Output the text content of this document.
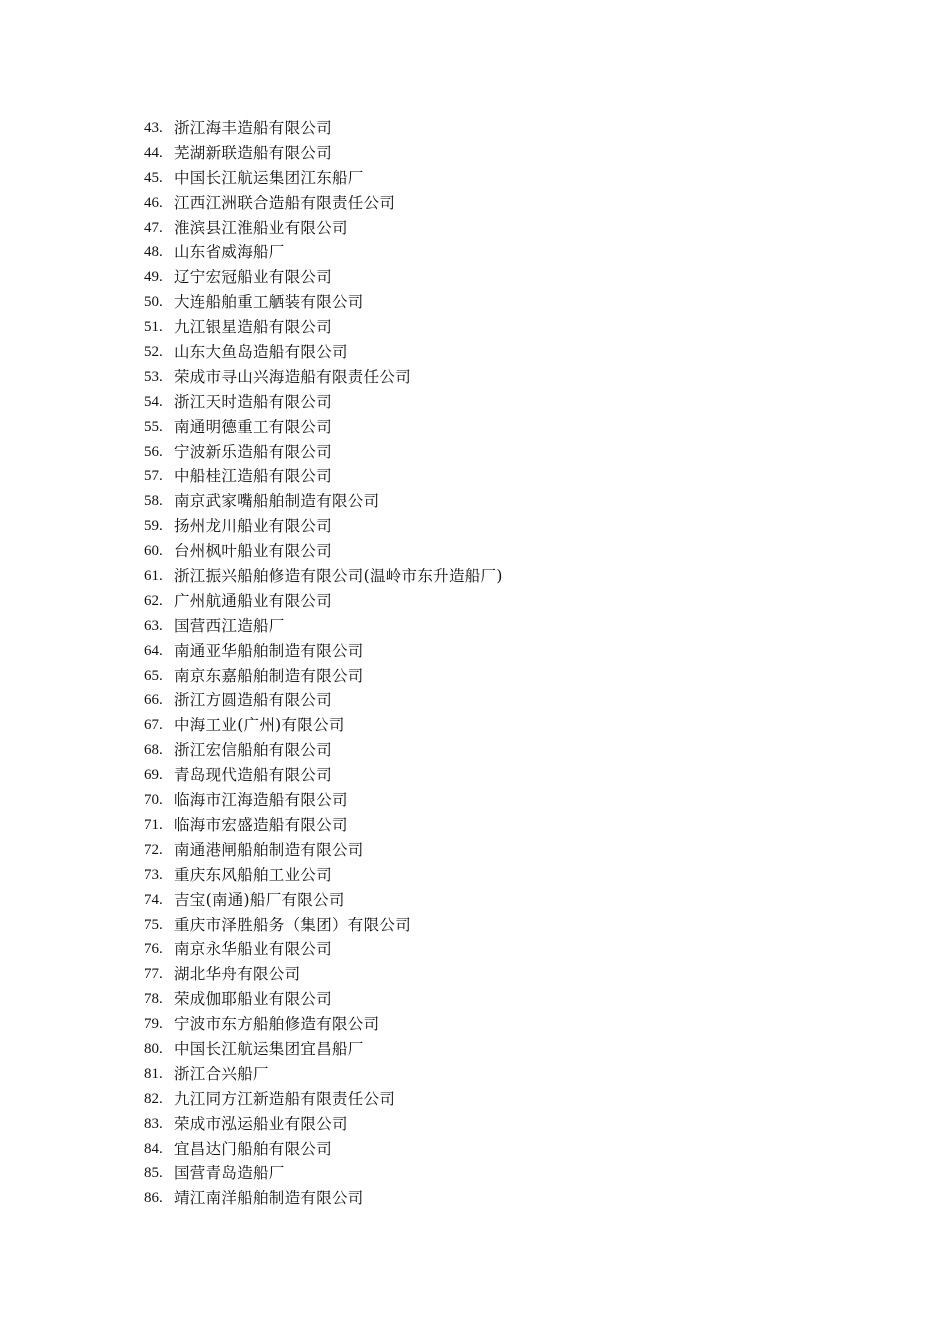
43. 浙江海丰造船有限公司
44. 芜湖新联造船有限公司
45. 中国长江航运集团江东船厂
46. 江西江洲联合造船有限责任公司
47. 淮滨县江淮船业有限公司
48. 山东省威海船厂
49. 辽宁宏冠船业有限公司
50. 大连船舶重工舾装有限公司
51. 九江银星造船有限公司
52. 山东大鱼岛造船有限公司
53. 荣成市寻山兴海造船有限责任公司
54. 浙江天时造船有限公司
55. 南通明德重工有限公司
56. 宁波新乐造船有限公司
57. 中船桂江造船有限公司
58. 南京武家嘴船舶制造有限公司
59. 扬州龙川船业有限公司
60. 台州枫叶船业有限公司
61. 浙江振兴船舶修造有限公司(温岭市东升造船厂)
62. 广州航通船业有限公司
63. 国营西江造船厂
64. 南通亚华船舶制造有限公司
65. 南京东嘉船舶制造有限公司
66. 浙江方圆造船有限公司
67. 中海工业(广州)有限公司
68. 浙江宏信船舶有限公司
69. 青岛现代造船有限公司
70. 临海市江海造船有限公司
71. 临海市宏盛造船有限公司
72. 南通港闸船舶制造有限公司
73. 重庆东风船舶工业公司
74. 吉宝(南通)船厂有限公司
75. 重庆市泽胜船务（集团）有限公司
76. 南京永华船业有限公司
77. 湖北华舟有限公司
78. 荣成伽耶船业有限公司
79. 宁波市东方船舶修造有限公司
80. 中国长江航运集团宜昌船厂
81. 浙江合兴船厂
82. 九江同方江新造船有限责任公司
83. 荣成市泓运船业有限公司
84. 宜昌达门船舶有限公司
85. 国营青岛造船厂
86. 靖江南洋船舶制造有限公司
